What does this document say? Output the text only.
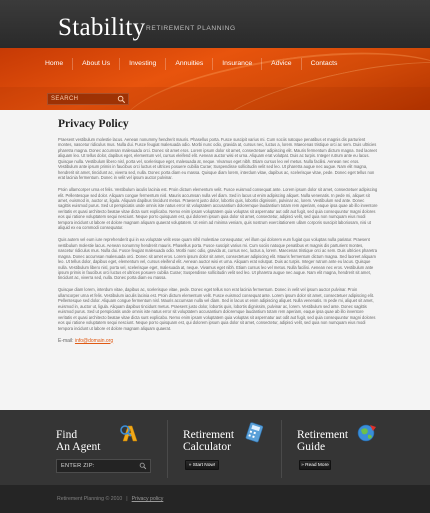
Stability RETIREMENT PLANNING
Home	About Us	Investing	Annuities	Insurance	Advice	Contacts
SEARCH
Privacy Policy

Praesent vestibulum molestie lacus. Aenean nonummy hendrerit mauris. Phasellus porta. Fusce suscipit varius mi. Cum sociis natoque penatibus et magnis dis parturient montes, nascetur ridiculus mus. Nulla dui. Fusce feugiat malesuada odio. Morbi nunc odio, gravida at, cursus nec, luctus a, lorem. Maecenas tristique orci ac sem. Duis ultricies pharetra magna. Donec accumsan malesuada orci. Donec sit amet eros. Lorem ipsum dolor sit amet, consectetuer adipiscing elit. Mauris fermentum dictum magna. Sed laoreet aliquam leo. Ut tellus dolor, dapibus eget, elementum vel, cursus eleifend elit. Aenean auctor wisi et urna. Aliquam erat volutpat. Duis ac turpis. Integer rutrum ante eu lacus. Quisque nulla. Vestibulum libero nisl, porta vel, scelerisque eget, malesuada at, neque. Vivamus eget nibh. Etiam cursus leo vel metus. Nulla facilisi. Aenean nec eros. Vestibulum ante ipsum primis in faucibus orci luctus et ultrices posuere cubilia Curae; Suspendisse sollicitudin velit sed leo. Ut pharetra augue nec augue. Nam elit magna, hendrerit sit amet, tincidunt ac, viverra sed, nulla. Donec porta diam eu massa. Quisque diam lorem, interdum vitae, dapibus ac, scelerisque vitae, pede. Donec eget tellus non erat lacinia fermentum. Donec in velit vel ipsum auctor pulvinar.

Proin ullamcorper urna et felis. Vestibulum iaculis lacinia est. Proin dictum elementum velit. Fusce euismod consequat ante. Lorem ipsum dolor sit amet, consectetuer adipiscing elit. Pellentesque sed dolor. Aliquam congue fermentum nisl. Mauris accumsan nulla vel diam. Sed in lacus ut enim adipiscing aliquet. Nulla venenatis. In pede mi, aliquet sit amet, euismod in, auctor ut, ligula. Aliquam dapibus tincidunt metus. Praesent justo dolor, lobortis quis, lobortis dignissim, pulvinar ac, lorem. Vestibulum sed ante. Donec sagittis euismod purus. Sed ut perspiciatis unde omnis iste natus error sit voluptatem accusantium doloremque laudantium totam rem aperiam, eaque ipsa quae ab illo inventore veritatis et quasi architecto beatae vitae dicta sunt explicabo. Nemo enim ipsam voluptatem quia voluptas sit aspernatur aut odit aut fugit, sed quia consequuntur magni dolores eos qui ratione voluptatem sequi nesciunt. Neque porro quisquam est, qui dolorem ipsum quia dolor sit amet, consectetur, adipisci velit, sed quia non numquam eius modi tempora incidunt ut labore et dolore magnam aliquam quaerat voluptatem. Ut enim ad minima veniam, quis nostrum exercitationem ullam corporis suscipit laboriosam, nisi ut aliquid ex ea commodi consequatur.

Quis autem vel eum iure reprehenderit qui in ea voluptate velit esse quam nihil molestiae consequatur, vel illum qui dolorem eum fugiat quo voluptas nulla pariatur. Praesent vestibulum molestie lacus. Aenean nonummy hendrerit mauris. Phasellus porta. Fusce suscipit varius mi. Cum sociis natoque penatibus et magnis dis parturient montes, nascetur ridiculus mus. Nulla dui. Fusce feugiat malesuada odio. Morbi nunc odio, gravida at, cursus nec, luctus a, lorem. Maecenas tristique orci ac sem. Duis ultricies pharetra magna. Donec accumsan malesuada orci. Donec sit amet eros. Lorem ipsum dolor sit amet, consectetuer adipiscing elit. Mauris fermentum dictum magna. Sed laoreet aliquam leo. Ut tellus dolor, dapibus eget, elementum vel, cursus eleifend elit. Aenean auctor wisi et urna. Aliquam erat volutpat. Duis ac turpis. Integer rutrum ante eu lacus. Quisque nulla. Vestibulum libero nisl, porta vel, scelerisque eget, malesuada at, neque. Vivamus eget nibh. Etiam cursus leo vel metus. Nulla facilisi. Aenean nec eros. Vestibulum ante ipsum primis in faucibus orci luctus et ultrices posuere cubilia Curae; Suspendisse sollicitudin velit sed leo. Ut pharetra augue nec augue. Nam elit magna, hendrerit sit amet, tincidunt ac, viverra sed, nulla. Donec porta diam eu massa.

Quisque diam lorem, interdum vitae, dapibus ac, scelerisque vitae, pede. Donec eget tellus non erat lacinia fermentum. Donec in velit vel ipsum auctor pulvinar. Proin ullamcorper urna et felis. Vestibulum iaculis lacinia est. Proin dictum elementum velit. Fusce euismod consequat ante. Lorem ipsum dolor sit amet, consectetuer adipiscing elit. Pellentesque sed dolor. Aliquam congue fermentum nisl. Mauris accumsan nulla vel diam. Sed in lacus ut enim adipiscing aliquet. Nulla venenatis. In pede mi, aliquet sit amet, euismod in, auctor ut, ligula. Aliquam dapibus tincidunt metus. Praesent justo dolor, lobortis quis, lobortis dignissim, pulvinar ac, lorem. Vestibulum sed ante. Donec sagittis euismod purus. Sed ut perspiciatis unde omnis iste natus error sit voluptatem accusantium doloremque laudantium totam rem aperiam, eaque ipsa quae ab illo inventore veritatis et quasi architecto beatae vitae dicta sunt explicabo. Nemo enim ipsam voluptatem quia voluptas sit aspernatur aut odit aut fugit, sed quia consequuntur magni dolores eos qui ratione voluptatem sequi nesciunt. Neque porro quisquam est, qui dolorem ipsum quia dolor sit amet, consectetur, adipisci velit, sed quia non numquam eius modi tempora incidunt ut labore et dolore magnam aliquam quaerat.

E-mail: info@domain.org
Find
An Agent
Retirement
Calculator
» Start Now!
Retirement
Guide
» Read More
ENTER ZIP:
Retirement Planning © 2010 | Privacy policy
